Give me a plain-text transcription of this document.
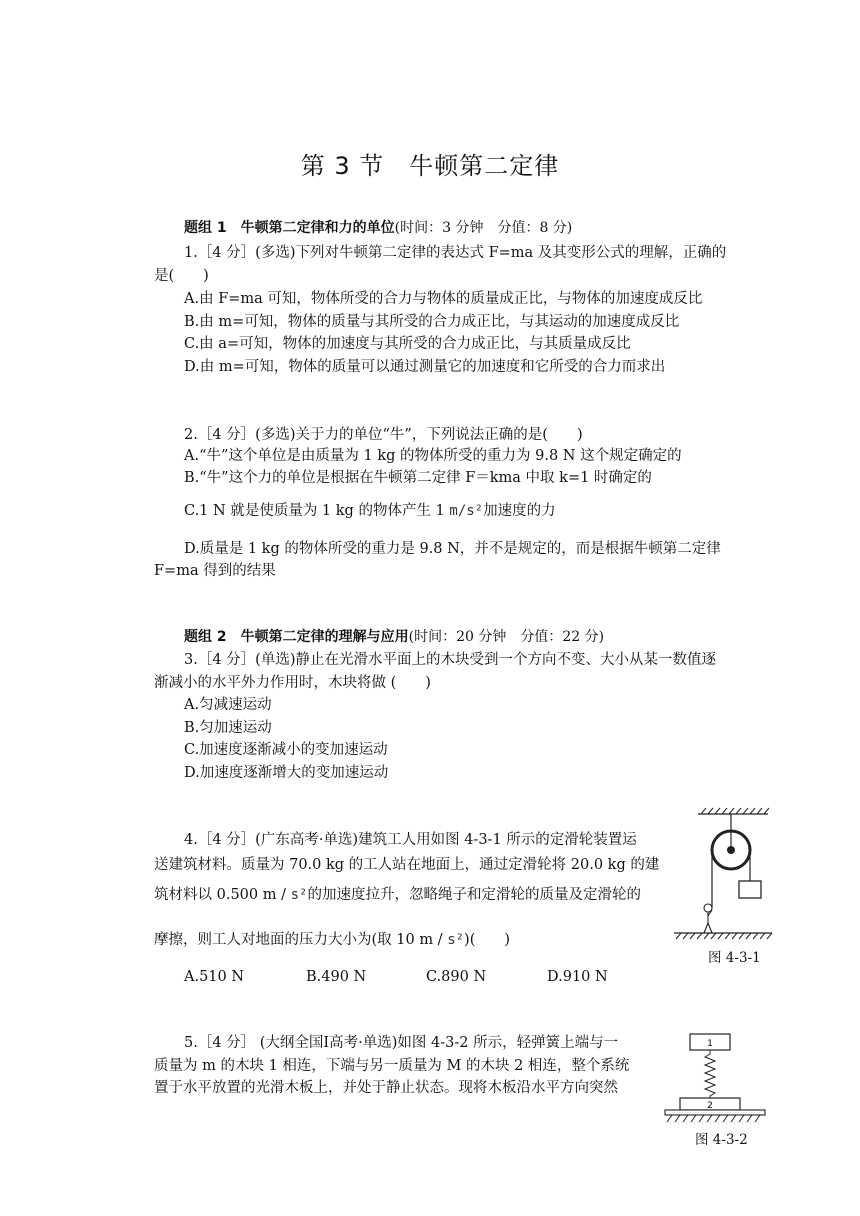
第 3 节　牛顿第二定律
题组 1　牛顿第二定律和力的单位(时间：3 分钟　分值：8 分)
1.［4 分］(多选)下列对牛顿第二定律的表达式 F=ma 及其变形公式的理解，正确的
是(　　)
A.由 F=ma 可知，物体所受的合力与物体的质量成正比，与物体的加速度成反比
B.由 m=可知，物体的质量与其所受的合力成正比，与其运动的加速度成反比
C.由 a=可知，物体的加速度与其所受的合力成正比，与其质量成反比
D.由 m=可知，物体的质量可以通过测量它的加速度和它所受的合力而求出
2.［4 分］(多选)关于力的单位“牛”，下列说法正确的是(　　)
A.“牛”这个单位是由质量为 1 kg 的物体所受的重力为 9.8 N 这个规定确定的
B.“牛”这个力的单位是根据在牛顿第二定律 F＝kma 中取 k=1 时确定的
C.1 N 就是使质量为 1 kg 的物体产生 1 m/s²加速度的力
D.质量是 1 kg 的物体所受的重力是 9.8 N，并不是规定的，而是根据牛顿第二定律
F=ma 得到的结果
题组 2　牛顿第二定律的理解与应用(时间：20 分钟　分值：22 分)
3.［4 分］(单选)静止在光滑水平面上的木块受到一个方向不变、大小从某一数值逐
渐减小的水平外力作用时，木块将做 (　　)
A.匀减速运动
B.匀加速运动
C.加速度逐渐减小的变加速运动
D.加速度逐渐增大的变加速运动
4.［4 分］(广东高考·单选)建筑工人用如图 4-3-1 所示的定滑轮装置运
送建筑材料。质量为 70.0 kg 的工人站在地面上，通过定滑轮将 20.0 kg 的建
筑材料以 0.500 m / s²的加速度拉升，忽略绳子和定滑轮的质量及定滑轮的
摩擦，则工人对地面的压力大小为(取 10 m / s²)(　　)
A.510 N	B.490 N	C.890 N	D.910 N
图 4-3-1
5.［4 分］ (大纲全国Ⅰ高考·单选)如图 4-3-2 所示，轻弹簧上端与一
质量为 m 的木块 1 相连，下端与另一质量为 M 的木块 2 相连，整个系统
置于水平放置的光滑木板上，并处于静止状态。现将木板沿水平方向突然
1
2
图 4-3-2
